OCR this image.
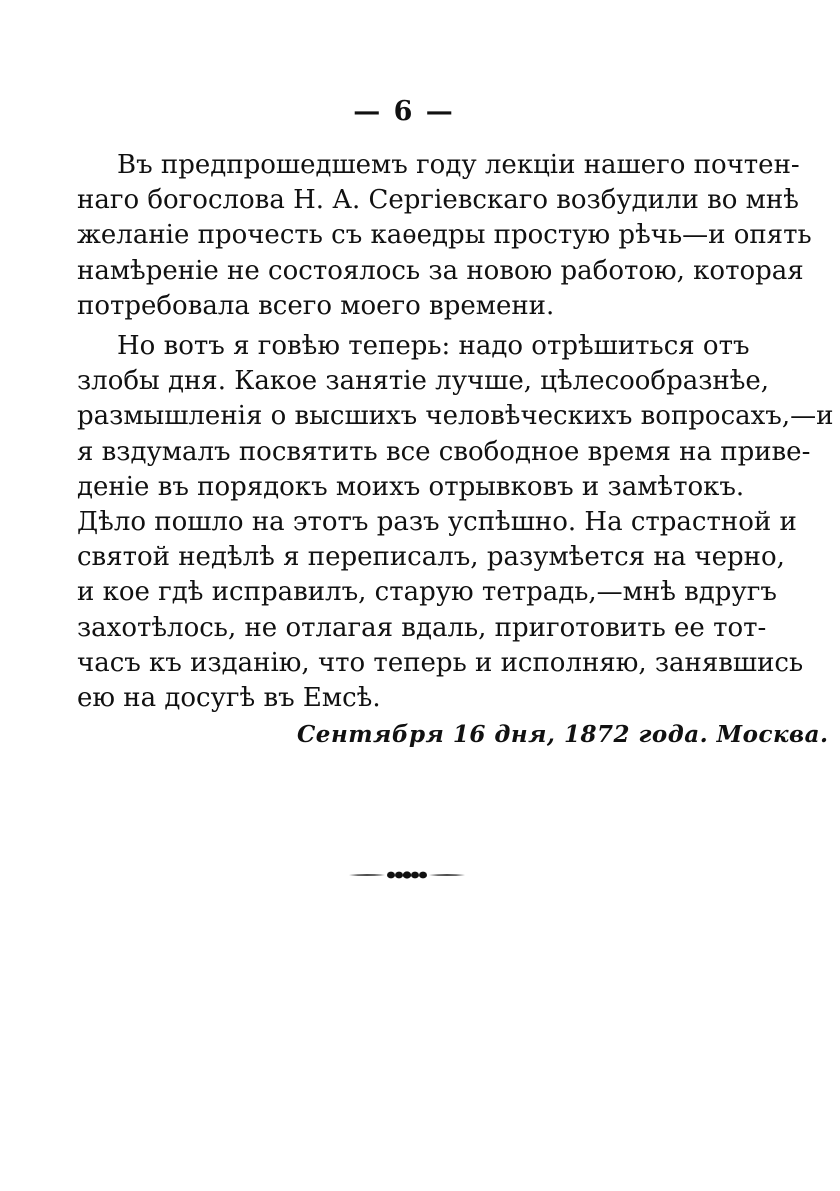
— 6 —
Въ предпрошедшемъ году лекціи нашего почтен-
наго богослова Н. А. Сергіевскаго возбудили во мнѣ
желаніе прочесть съ каѳедры простую рѣчь—и опять
намѣреніе не состоялось за новою работою, которая
потребовала всего моего времени.
Но вотъ я говѣю теперь: надо отрѣшиться отъ
злобы дня. Какое занятіе лучше, цѣлесообразнѣе,
размышленія о высшихъ человѣческихъ вопросахъ,—и
я вздумалъ посвятить все свободное время на приве-
деніе въ порядокъ моихъ отрывковъ и замѣтокъ.
Дѣло пошло на этотъ разъ успѣшно. На страстной и
святой недѣлѣ я переписалъ, разумѣется на черно,
и кое гдѣ исправилъ, старую тетрадь,—мнѣ вдругъ
захотѣлось, не отлагая вдаль, приготовить ее тот-
часъ къ изданію, что теперь и исполняю, занявшись
ею на досугѣ въ Емсѣ.
Сентября 16 дня, 1872 года. Москва.
